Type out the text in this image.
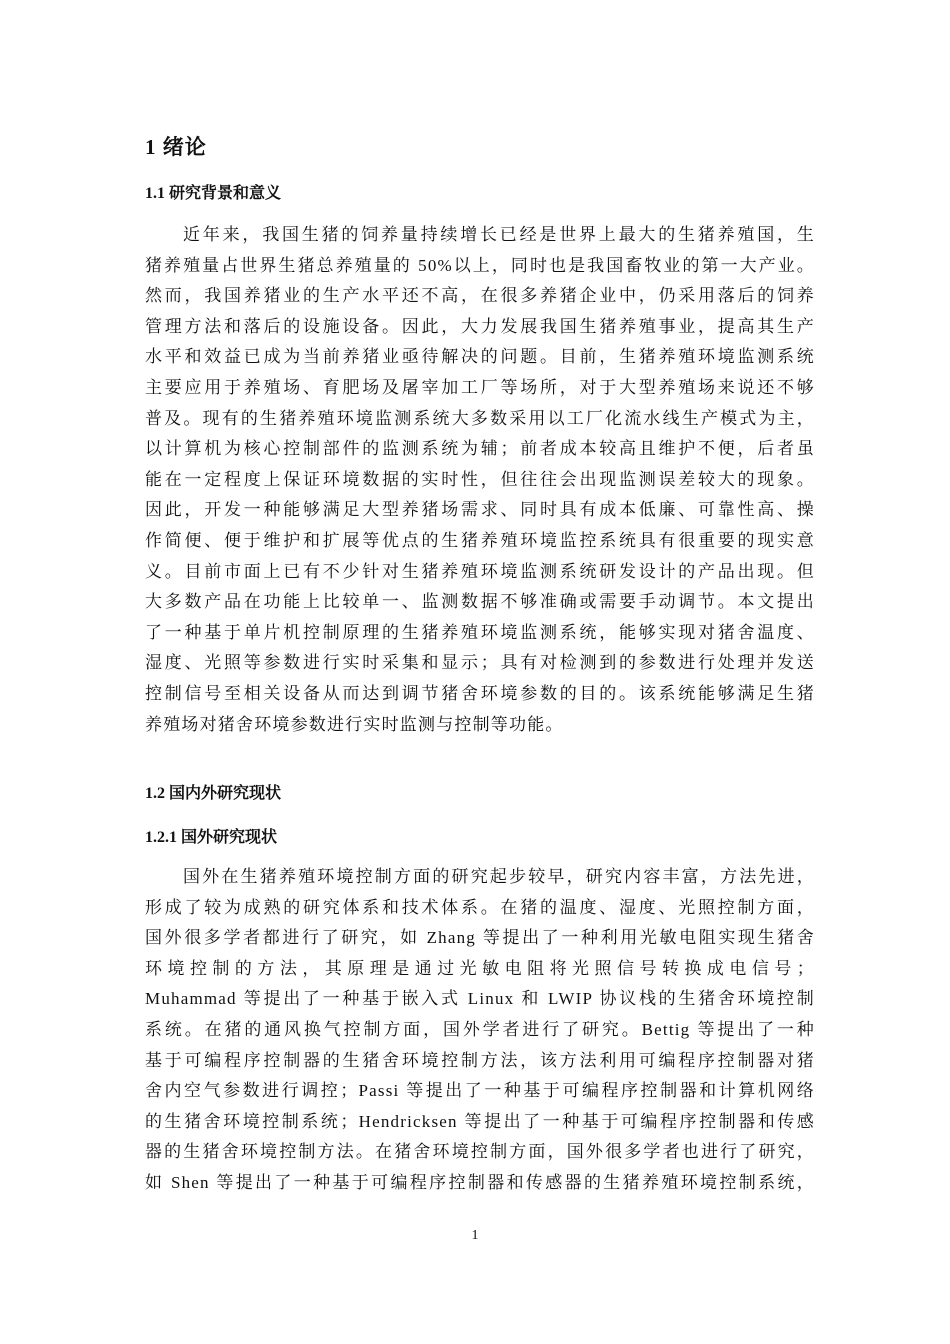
1 绪论
1.1 研究背景和意义
近年来，我国生猪的饲养量持续增长已经是世界上最大的生猪养殖国，生
猪养殖量占世界生猪总养殖量的 50%以上，同时也是我国畜牧业的第一大产业。
然而，我国养猪业的生产水平还不高，在很多养猪企业中，仍采用落后的饲养
管理方法和落后的设施设备。因此，大力发展我国生猪养殖事业，提高其生产
水平和效益已成为当前养猪业亟待解决的问题。目前，生猪养殖环境监测系统
主要应用于养殖场、育肥场及屠宰加工厂等场所，对于大型养殖场来说还不够
普及。现有的生猪养殖环境监测系统大多数采用以工厂化流水线生产模式为主，
以计算机为核心控制部件的监测系统为辅；前者成本较高且维护不便，后者虽
能在一定程度上保证环境数据的实时性，但往往会出现监测误差较大的现象。
因此，开发一种能够满足大型养猪场需求、同时具有成本低廉、可靠性高、操
作简便、便于维护和扩展等优点的生猪养殖环境监控系统具有很重要的现实意
义。目前市面上已有不少针对生猪养殖环境监测系统研发设计的产品出现。但
大多数产品在功能上比较单一、监测数据不够准确或需要手动调节。本文提出
了一种基于单片机控制原理的生猪养殖环境监测系统，能够实现对猪舍温度、
湿度、光照等参数进行实时采集和显示；具有对检测到的参数进行处理并发送
控制信号至相关设备从而达到调节猪舍环境参数的目的。该系统能够满足生猪
养殖场对猪舍环境参数进行实时监测与控制等功能。
1.2 国内外研究现状
1.2.1 国外研究现状
国外在生猪养殖环境控制方面的研究起步较早，研究内容丰富，方法先进，
形成了较为成熟的研究体系和技术体系。在猪的温度、湿度、光照控制方面，
国外很多学者都进行了研究，如 Zhang 等提出了一种利用光敏电阻实现生猪舍
环境控制的方法，其原理是通过光敏电阻将光照信号转换成电信号；
Muhammad 等提出了一种基于嵌入式 Linux 和 LWIP 协议栈的生猪舍环境控制
系统。在猪的通风换气控制方面，国外学者进行了研究。Bettig 等提出了一种
基于可编程序控制器的生猪舍环境控制方法，该方法利用可编程序控制器对猪
舍内空气参数进行调控；Passi 等提出了一种基于可编程序控制器和计算机网络
的生猪舍环境控制系统；Hendricksen 等提出了一种基于可编程序控制器和传感
器的生猪舍环境控制方法。在猪舍环境控制方面，国外很多学者也进行了研究，
如 Shen 等提出了一种基于可编程序控制器和传感器的生猪养殖环境控制系统，
1
